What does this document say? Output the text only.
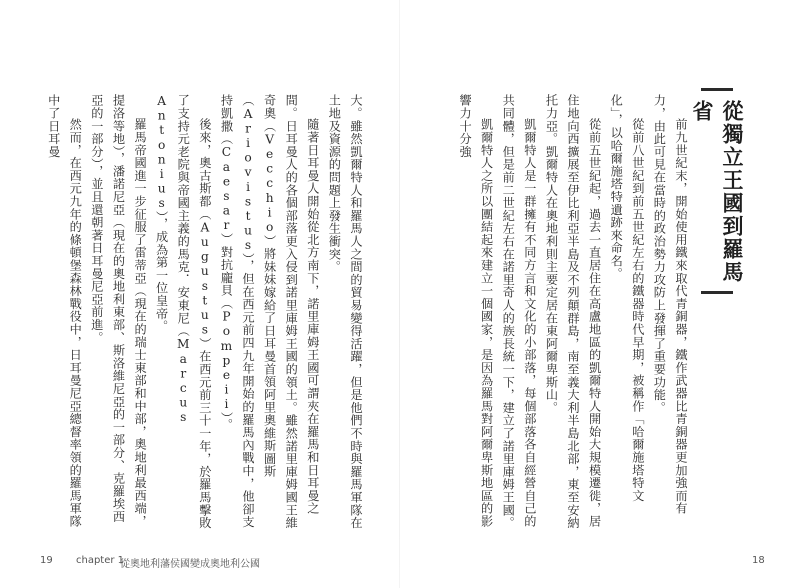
從獨立王國到羅馬省

前九世紀末，開始使用鐵來取代青銅器，鐵作武器比青銅器更加強而有力，由此可見在當時的政治勢力攻防上發揮了重要功能。

從前八世紀到前五世紀左右的鐵器時代早期，被稱作「哈爾施塔特文化」，以哈爾施塔特遺跡來命名。

從前五世紀起，過去一直居住在高盧地區的凱爾特人開始大規模遷徙，居住地向西擴展至伊比利亞半島及不列顛群島，南至義大利半島北部，東至安納托力亞。凱爾特人在奧地利則主要定居在東阿爾卑斯山。

凱爾特人是一群擁有不同方言和文化的小部落，每個部落各自經營自己的共同體，但是前二世紀左右在諾里奇人的族長統一下，建立了諾里庫姆王國。

凱爾特人之所以團結起來建立一個國家，是因為羅馬對阿爾卑斯地區的影響力十分強

大。雖然凱爾特人和羅馬人之間的貿易變得活躍，但是他們不時與羅馬軍隊在土地及資源的問題上發生衝突。

隨著日耳曼人開始從北方南下，諾里庫姆王國可謂夾在羅馬和日耳曼之間。日耳曼人的各個部落更入侵到諾里庫姆王國的領土。雖然諾里庫姆國王維奇奧（Vecchio）將妹妹嫁給了日耳曼首領阿里奧維斯圖斯（Ariovistus），但在西元前四九年開始的羅馬內戰中，他卻支持凱撒（Caesar）對抗龐貝（Pompeii）。

後來，奧古斯都（Augustus）在西元前三十一年，於羅馬擊敗了支持元老院與帝國主義的馬克．安東尼（Marcus Antonius），成為第一位皇帝。

羅馬帝國進一步征服了雷蒂亞（現在的瑞士東部和中部，奧地利最西端，提洛等地），潘諾尼亞（現在的奧地利東部、斯洛維尼亞的一部分、克羅埃西亞的一部分），並且還朝著日耳曼尼亞前進。

然而，在西元九年的條頓堡森林戰役中，日耳曼尼亞總督率領的羅馬軍隊中了日耳曼

19 chapter 1
從奧地利藩侯國變成奧地利公國	18
